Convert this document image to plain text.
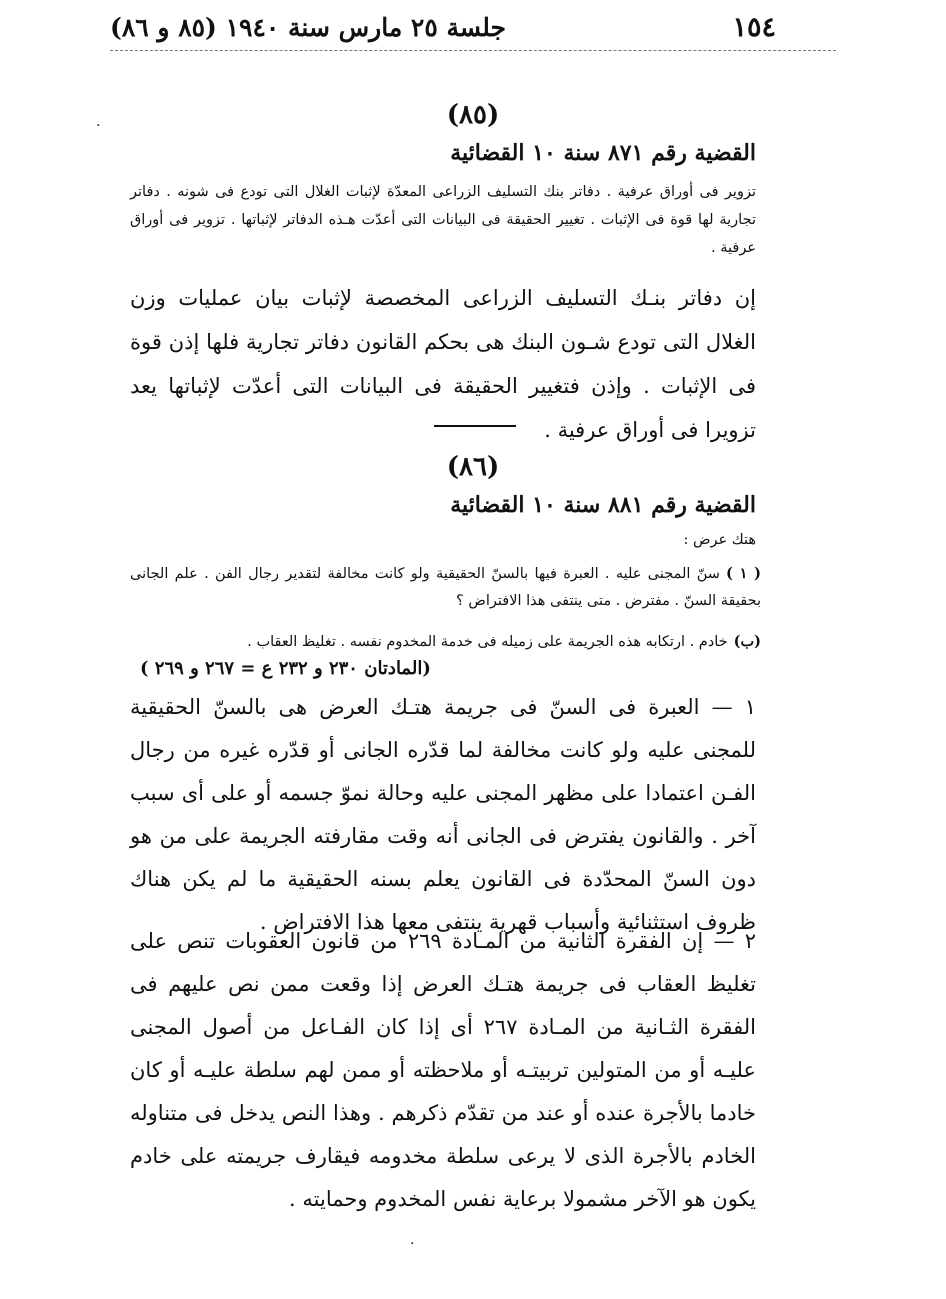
١٥٤
جلسة ٢٥ مارس سنة ١٩٤٠ (٨٥ و ٨٦)
·	(٨٥)
القضية رقم ٨٧١ سنة ١٠ القضائية

تزوير فى أوراق عرفية . دفاتر بنك التسليف الزراعى المعدّة لإثبات الغلال التى تودع فى شونه . دفاتر تجارية لها قوة فى الإثبات . تغيير الحقيقة فى البيانات التى أعدّت هـذه الدفاتر لإثباتها . تزوير فى أوراق عرفية .

إن دفاتر بنـك التسليف الزراعى المخصصة لإثبات بيان عمليات وزن الغلال التى تودع شـون البنك هى بحكم القانون دفاتر تجارية فلها إذن قوة فى الإثبات . وإذن فتغيير الحقيقة فى البيانات التى أعدّت لإثباتها يعد تزويرا فى أوراق عرفية .

(٨٦)
القضية رقم ٨٨١ سنة ١٠ القضائية
هتك عرض :

( ١ )سنّ المجنى عليه . العبرة فيها بالسنّ الحقيقية ولو كانت مخالفة لتقدير رجال الفن . علم الجانى بحقيقة السنّ . مفترض . متى ينتفى هذا الافتراض ؟

(ب)خادم . ارتكابه هذه الجريمة على زميله فى خدمة المخدوم نفسه . تغليظ العقاب .

(المادتان ٢٣٠ و ٢٣٢ ع = ٢٦٧ و ٢٦٩ )

١ — العبرة فى السنّ فى جريمة هتـك العرض هى بالسنّ الحقيقية للمجنى عليه ولو كانت مخالفة لما قدّره الجانى أو قدّره غيره من رجال الفـن اعتمادا على مظهر المجنى عليه وحالة نموّ جسمه أو على أى سبب آخر . والقانون يفترض فى الجانى أنه وقت مقارفته الجريمة على من هو دون السنّ المحدّدة فى القانون يعلم بسنه الحقيقية ما لم يكن هناك ظروف استثنائية وأسباب قهرية ينتفى معها هذا الافتراض .

٢ — إن الفقرة الثانية من المـادة ٢٦٩ من قانون العقوبات تنص على تغليظ العقاب فى جريمة هتـك العرض إذا وقعت ممن نص عليهم فى الفقرة الثـانية من المـادة ٢٦٧ أى إذا كان الفـاعل من أصول المجنى عليـه أو من المتولين تربيتـه أو ملاحظته أو ممن لهم سلطة عليـه أو كان خادما بالأجرة عنده أو عند من تقدّم ذكرهم . وهذا النص يدخل فى متناوله الخادم بالأجرة الذى لا يرعى سلطة مخدومه فيقارف جريمته على خادم يكون هو الآخر مشمولا برعاية نفس المخدوم وحمايته .

·
